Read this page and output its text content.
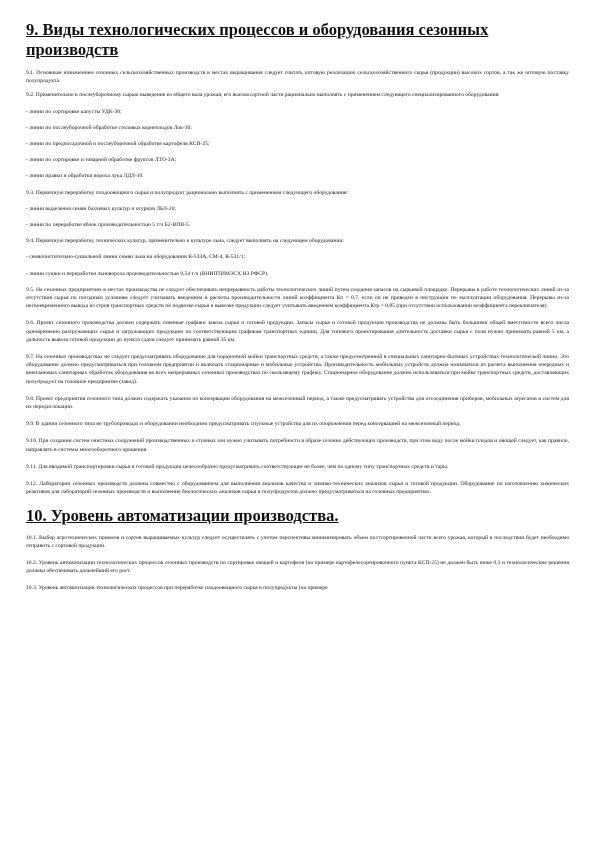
9. Виды технологических процессов и оборудования сезонных производств

9.1. Основным назначением сезонных сельскохозяйственных производств в местах выращивания следует считать оптовую реализацию сельскохозяйственного сырья (продукции) высоких сортов, а так же оптовую поставку полупродукта.

9.2. Применительно к послеуборочному сырью выведение из общего вала урожая, его высокосортной части рационально выполнять с применением следующего специализированного оборудования:

- линии по сортировке капусты УДК-30;

- линии по послеуборочной обработке столовых корнеплодов Лок-30;

- линии по предпосадочной и послеуборочной обработке картофеля КСП-25;

- линии по сортировке и товарной обработке фруктов ЛТО-3А;

- линии правки и обработки вороха лука ЛДЛ-10.

9.3. Первичную переработку плодоовощного сырья и полупродукт рационально выполнять с применением следующего оборудования:

- линии выделения семян бахчевых культур и огурцов ЛБЛ-20;

- линии по переработке яблок производительностью 5 т/ч Б2-ВПЯ-5.

9.4. Первичную переработку технических культур, применительно к культуре льна, следует выполнять на следующем оборудовании:

- семяочистительно-сушильной линии семян льна на оборудовании К-5ЗЗА, СМ-4, К-531/1;

- линии сушки и переработки льновороха производительностью 0,54 т/ч (ВНИПТИМЭСХ НЗ РФСР).

9.5. На сезонных предприятиях в местах производства не следует обеспечивать непрерывность работы технологических линий путем создания запасов на сырьевой площадке. Перерывы в работе технологических линий из-за отсутствия сырья по погодным условиям следует учитывать введением в расчеты производительности линий коэффициента Кп = 0,7, если он не приведен в инструкции по эксплуатации оборудования. Перерывы из-за несвоевременного вывода из строя транспортных средств по подвозке сырья и вывозке продукции следует учитывать введением коэффициента Ктр = 0,85 (при отсутствии использовании коэффициента переключателя).

9.6. Проект сезонного производства должен содержать сменные графики завоза сырья и готовой продукции. Запасы сырья и готовой продукции производства не должны быть большими общей вместимости всего числа одновременно разгружающих сырье и загружающих продукцию по соответствующим графикам транспортных единиц. Для типового проектирования длительность доставки сырья с поля нужно принимать равной 5 км, а дальность вывоза готовой продукции до пункта сдачи следует принимать равной 35 км.

9.7. На сезонных производствах не следует предусматривать оборудование для порционной мойки транспортных средств, а также предусмотренной в специальных санитарно-бытовых устройствах технологической линии. Это оборудование должно предусматриваться при головном предприятии и включать стационарные и мобильные устройства. Производительность мобильных устройств должна назначаться из расчета выполнения очередных и внеплановых санитарных обработок оборудования во всех непрерывных сезонных производствах по скользящему графику. Стационарное оборудование должно использоваться при мойке транспортных средств, доставляющих полупродукт на головное предприятие (завод).

9.8. Проект предприятия сезонного типа должен содержать указания по консервации оборудования на межсезонный период, а также предусматривать устройства для отсоединения приборов, мобильных агрегатов и систем для их передислокации.

9.9. В здании сезонного типа не трубопроводах и оборудовании необходимо предусматривать спускные устройства для их опорожнения перед консервацией на межсезонный период.

9.10. При создании систем очистных сооружений производственных и сточных зон нужно учитывать потребности в образе сезонно действующих производств, при этом воду после мойки плодов и овощей следует, как правило, направлять в системы многооборотного орошения.

9.11. Для вводимой транспортировки сырья и готовой продукции целесообразно предусматривать соответствующее не более, чем по одному типу транспортных средств и тары.

9.12. Лаборатории сезонных производств должны совместно с оборудованием для выполнения анализов качества и химико-технических анализов сырья и готовой продукции. Оборудование по изготовлению химических реактивов для лабораторий сезонных производств и выполнение биологических анализов сырья и полупродуктов должно предусматриваться на головных предприятиях.

10. Уровень автоматизации производства.

10.1. Выбор агротехнических приемов и сортов выращиваемых культур следует осуществлять с учетом перспективы минимизировать объем постсортировочной части всего урожая, который в последствии будет необходимо отправить с сортовой продукции.

10.2. Уровень автоматизации технологических процессов сезонных производств по сортировке овощей и картофеля (на примере картофелесортировочного пункта КСП-25) не должен быть ниже 0,3 и технологические решения должны обеспечивать дальнейший его рост.

10.3. Уровень автоматизации технологических процессов при переработке плодоовощного сырья в полупродукты (на примере
